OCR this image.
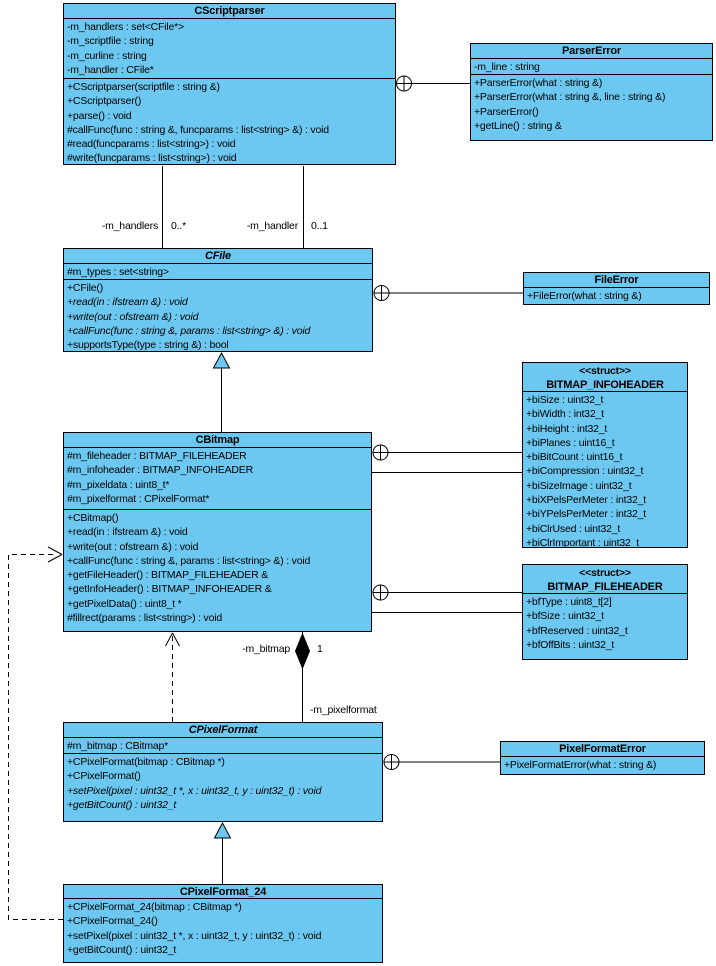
-m_handlers 0..*	-m_handler 0..1
-m_bitmap	1
-m_pixelformat
CScriptparser
-m_handlers : set<CFile*>
-m_scriptfile : string
-m_curline : string
-m_handler : CFile*
+CScriptparser(scriptfile : string &)
+CScriptparser()
+parse() : void
#callFunc(func : string &, funcparams : list<string> &) : void
#read(funcparams : list<string>) : void
#write(funcparams : list<string>) : void
ParserError
-m_line : string
+ParserError(what : string &)
+ParserError(what : string &, line : string &)
+ParserError()
+getLine() : string &
CFile
#m_types : set<string>
+CFile()
+read(in : ifstream &) : void
+write(out : ofstream &) : void
+callFunc(func : string &, params : list<string> &) : void
+supportsType(type : string &) : bool
FileError
+FileError(what : string &)
CBitmap
#m_fileheader : BITMAP_FILEHEADER
#m_infoheader : BITMAP_INFOHEADER
#m_pixeldata : uint8_t*
#m_pixelformat : CPixelFormat*
+CBitmap()
+read(in : ifstream &) : void
+write(out : ofstream &) : void
+callFunc(func : string &, params : list<string> &) : void
+getFileHeader() : BITMAP_FILEHEADER &
+getInfoHeader() : BITMAP_INFOHEADER &
+getPixelData() : uint8_t *
#fillrect(params : list<string>) : void
<<struct>>
BITMAP_INFOHEADER
+biSize : uint32_t
+biWidth : int32_t
+biHeight : int32_t
+biPlanes : uint16_t
+biBitCount : uint16_t
+biCompression : uint32_t
+biSizeImage : uint32_t
+biXPelsPerMeter : int32_t
+biYPelsPerMeter : int32_t
+biClrUsed : uint32_t
+biClrImportant : uint32_t
<<struct>>
BITMAP_FILEHEADER
+bfType : uint8_t[2]
+bfSize : uint32_t
+bfReserved : uint32_t
+bfOffBits : uint32_t
CPixelFormat
#m_bitmap : CBitmap*
+CPixelFormat(bitmap : CBitmap *)
+CPixelFormat()
+setPixel(pixel : uint32_t *, x : uint32_t, y : uint32_t) : void
+getBitCount() : uint32_t
PixelFormatError
+PixelFormatError(what : string &)
CPixelFormat_24
+CPixelFormat_24(bitmap : CBitmap *)
+CPixelFormat_24()
+setPixel(pixel : uint32_t *, x : uint32_t, y : uint32_t) : void
+getBitCount() : uint32_t
